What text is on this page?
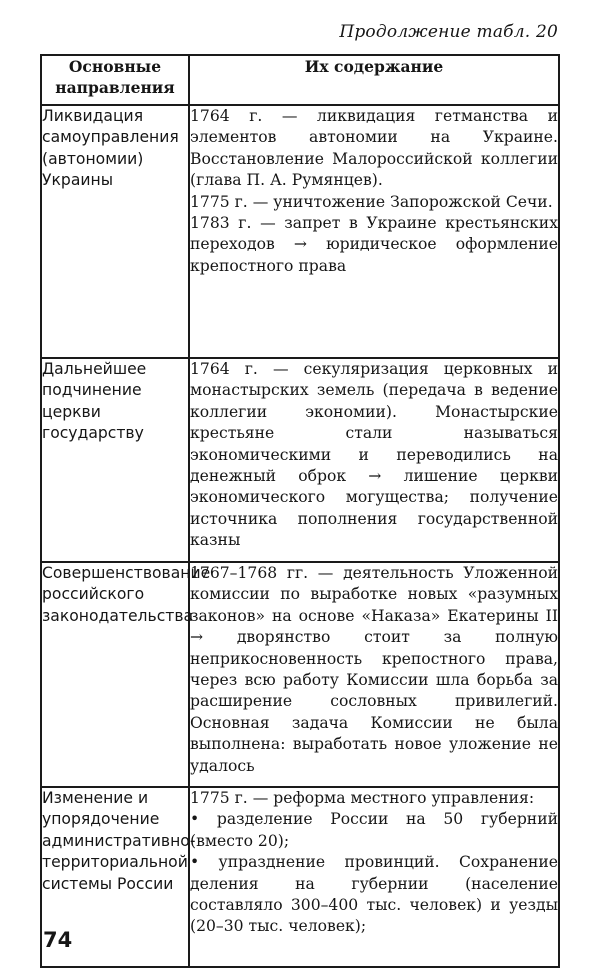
Продолжение табл. 20
Основные направления	Их содержание
Ликвидация самоуправления (автономии) Украины	1764 г. — ликвидация гетманства и элементов автономии на Украине. Восстановление Малороссийской коллегии (глава П. А. Румянцев).
1775 г. — уничтожение Запорожской Сечи.
1783 г. — запрет в Украине крестьянских переходов → юридическое оформление крепостного права

Дальнейшее подчинение церкви государству	1764 г. — секуляризация церковных и монастырских земель (передача в ведение коллегии экономии). Монастырские крестьяне стали называться экономическими и переводились на денежный оброк → лишение церкви экономического могущества; получение источника пополнения государственной казны

Совершенствование российского законодательства	1767–1768 гг. — деятельность Уложенной комиссии по выработке новых «разумных законов» на основе «Наказа» Екатерины II → дворянство стоит за полную неприкосновенность крепостного права, через всю работу Комиссии шла борьба за расширение сословных привилегий. Основная задача Комиссии не была выполнена: выработать новое уложение не удалось

Изменение и упорядочение административно-территориальной системы России	1775 г. — реформа местного управления:
• разделение России на 50 губерний (вместо 20);
• упразднение провинций. Сохранение деления на губернии (население составляло 300–400 тыс. человек) и уезды (20–30 тыс. человек);
74
